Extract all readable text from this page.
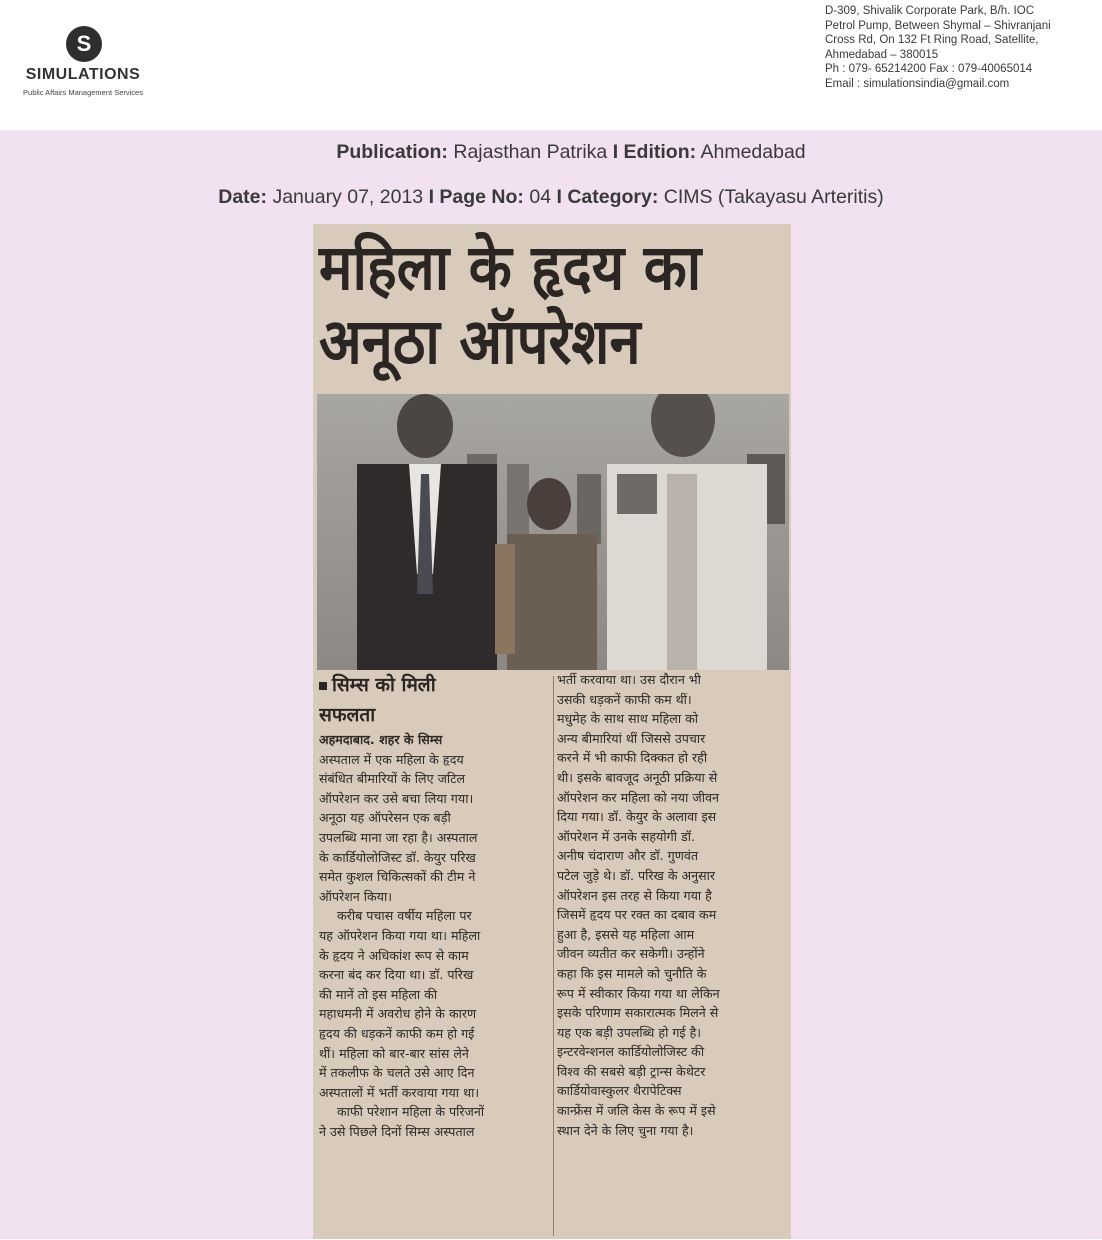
S
SIMULATIONS
Public Affairs Management Services
D-309, Shivalik Corporate Park, B/h. IOC
Petrol Pump, Between Shymal – Shivranjani
Cross Rd, On 132 Ft Ring Road, Satellite,
Ahmedabad – 380015
Ph : 079- 65214200 Fax : 079-40065014
Email : simulationsindia@gmail.com
Publication: Rajasthan Patrika I Edition: Ahmedabad
Date: January 07, 2013 I Page No: 04 I Category: CIMS (Takayasu Arteritis)
महिला के हृदय का
अनूठा ऑपरेशन
सिम्स को मिली
सफलता
अहमदाबाद. शहर के सिम्स
अस्पताल में एक महिला के हृदय
संबंधित बीमारियों के लिए जटिल
ऑपरेशन कर उसे बचा लिया गया।
अनूठा यह ऑपरेसन एक बड़ी
उपलब्धि माना जा रहा है। अस्पताल
के कार्डियोलोजिस्ट डॉ. केयुर परिख
समेत कुशल चिकित्सकों की टीम ने
ऑपरेशन किया।
करीब पचास वर्षीय महिला पर
यह ऑपरेशन किया गया था। महिला
के हृदय ने अधिकांश रूप से काम
करना बंद कर दिया था। डॉ. परिख
की मानें तो इस महिला की
महाधमनी में अवरोध होने के कारण
हृदय की धड़कनें काफी कम हो गई
थीं। महिला को बार-बार सांस लेने
में तकलीफ के चलते उसे आए दिन
अस्पतालों में भर्ती करवाया गया था।
काफी परेशान महिला के परिजनों
ने उसे पिछले दिनों सिम्स अस्पताल
भर्ती करवाया था। उस दौरान भी
उसकी धड़कनें काफी कम थीं।
मधुमेह के साथ साथ महिला को
अन्य बीमारियां थीं जिससे उपचार
करने में भी काफी दिक्कत हो रही
थी। इसके बावजूद अनूठी प्रक्रिया से
ऑपरेशन कर महिला को नया जीवन
दिया गया। डॉ. केयुर के अलावा इस
ऑपरेशन में उनके सहयोगी डॉ.
अनीष चंदाराण और डॉ. गुणवंत
पटेल जुड़े थे। डॉ. परिख के अनुसार
ऑपरेशन इस तरह से किया गया है
जिसमें हृदय पर रक्त का दबाव कम
हुआ है, इससे यह महिला आम
जीवन व्यतीत कर सकेगी। उन्होंने
कहा कि इस मामले को चुनौति के
रूप में स्वीकार किया गया था लेकिन
इसके परिणाम सकारात्मक मिलने से
यह एक बड़ी उपलब्धि हो गई है।
इन्टरवेन्शनल कार्डियोलोजिस्ट की
विश्व की सबसे बड़ी ट्रान्स केथेटर
कार्डियोवास्कुलर थैरापेटिक्स
कान्फ्रेंस में जलि केस के रूप में इसे
स्थान देने के लिए चुना गया है।
